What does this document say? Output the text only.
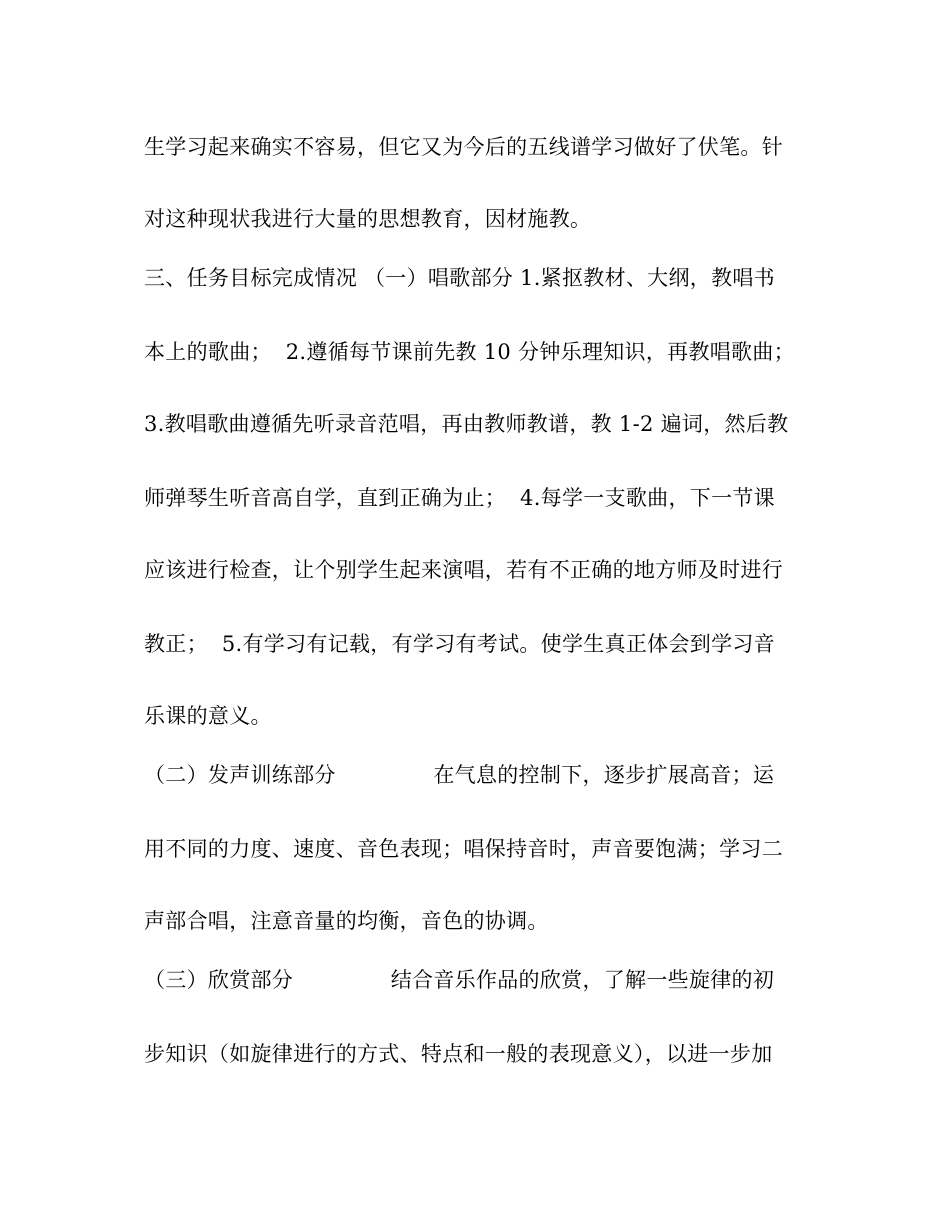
生学习起来确实不容易，但它又为今后的五线谱学习做好了伏笔。针
对这种现状我进行大量的思想教育，因材施教。
三、任务目标完成情况 （一）唱歌部分 1.紧抠教材、大纲，教唱书
本上的歌曲；  2.遵循每节课前先教 10 分钟乐理知识，再教唱歌曲；
3.教唱歌曲遵循先听录音范唱，再由教师教谱，教 1-2 遍词，然后教
师弹琴生听音高自学，直到正确为止；  4.每学一支歌曲，下一节课
应该进行检查，让个别学生起来演唱，若有不正确的地方师及时进行
教正；  5.有学习有记载，有学习有考试。使学生真正体会到学习音
乐课的意义。
（二）发声训练部分              在气息的控制下，逐步扩展高音；运
用不同的力度、速度、音色表现；唱保持音时，声音要饱满；学习二
声部合唱，注意音量的均衡，音色的协调。
（三）欣赏部分              结合音乐作品的欣赏，了解一些旋律的初
步知识（如旋律进行的方式、特点和一般的表现意义），以进一步加
